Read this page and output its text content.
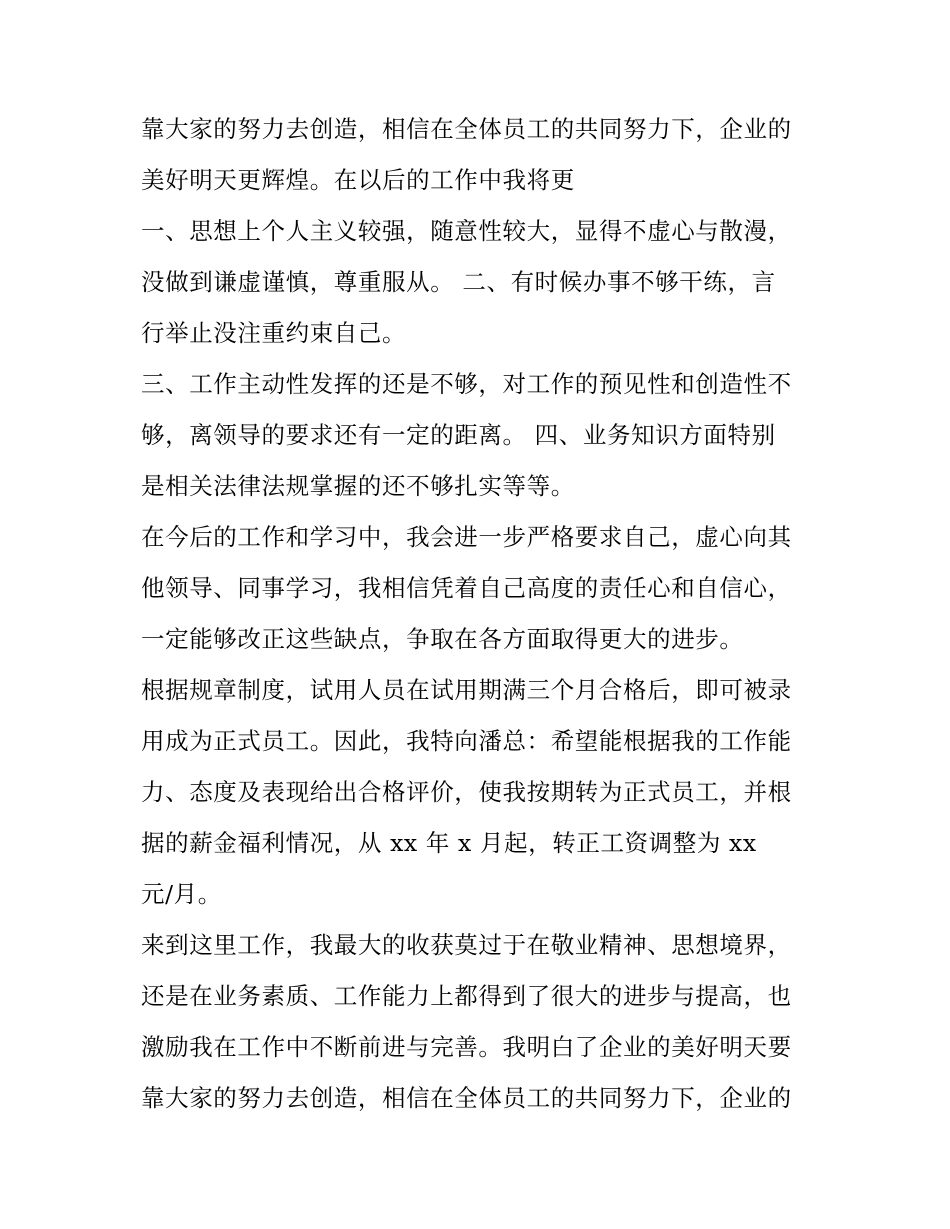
靠大家的努力去创造，相信在全体员工的共同努力下，企业的

美好明天更辉煌。在以后的工作中我将更

一、思想上个人主义较强，随意性较大，显得不虚心与散漫，

没做到谦虚谨慎，尊重服从。 二、有时候办事不够干练，言

行举止没注重约束自己。

三、工作主动性发挥的还是不够，对工作的预见性和创造性不

够，离领导的要求还有一定的距离。 四、业务知识方面特别

是相关法律法规掌握的还不够扎实等等。

在今后的工作和学习中，我会进一步严格要求自己，虚心向其

他领导、同事学习，我相信凭着自己高度的责任心和自信心，

一定能够改正这些缺点，争取在各方面取得更大的进步。

根据规章制度，试用人员在试用期满三个月合格后，即可被录

用成为正式员工。因此，我特向潘总：希望能根据我的工作能

力、态度及表现给出合格评价，使我按期转为正式员工，并根

据的薪金福利情况，从 xx 年 x 月起，转正工资调整为 xx

元/月。

来到这里工作，我最大的收获莫过于在敬业精神、思想境界，

还是在业务素质、工作能力上都得到了很大的进步与提高，也

激励我在工作中不断前进与完善。我明白了企业的美好明天要

靠大家的努力去创造，相信在全体员工的共同努力下，企业的
